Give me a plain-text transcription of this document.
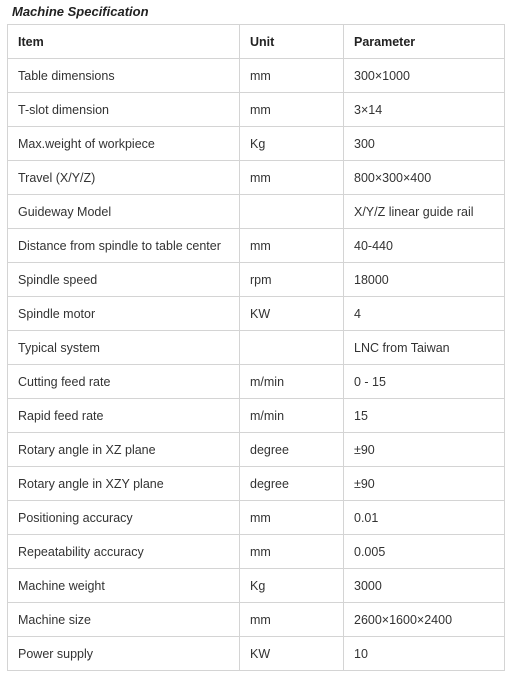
Machine Specification
Item	Unit	Parameter
Table dimensions	mm	300×1000
T-slot dimension	mm	3×14
Max.weight of workpiece	Kg	300
Travel (X/Y/Z)	mm	800×300×400
Guideway Model		X/Y/Z linear guide rail
Distance from spindle to table center	mm	40-440
Spindle speed	rpm	18000
Spindle motor	KW	4
Typical system		LNC from Taiwan
Cutting feed rate	m/min	0 - 15
Rapid feed rate	m/min	15
Rotary angle in XZ plane	degree	±90
Rotary angle in XZY plane	degree	±90
Positioning accuracy	mm	0.01
Repeatability accuracy	mm	0.005
Machine weight	Kg	3000
Machine size	mm	2600×1600×2400
Power supply	KW	10
